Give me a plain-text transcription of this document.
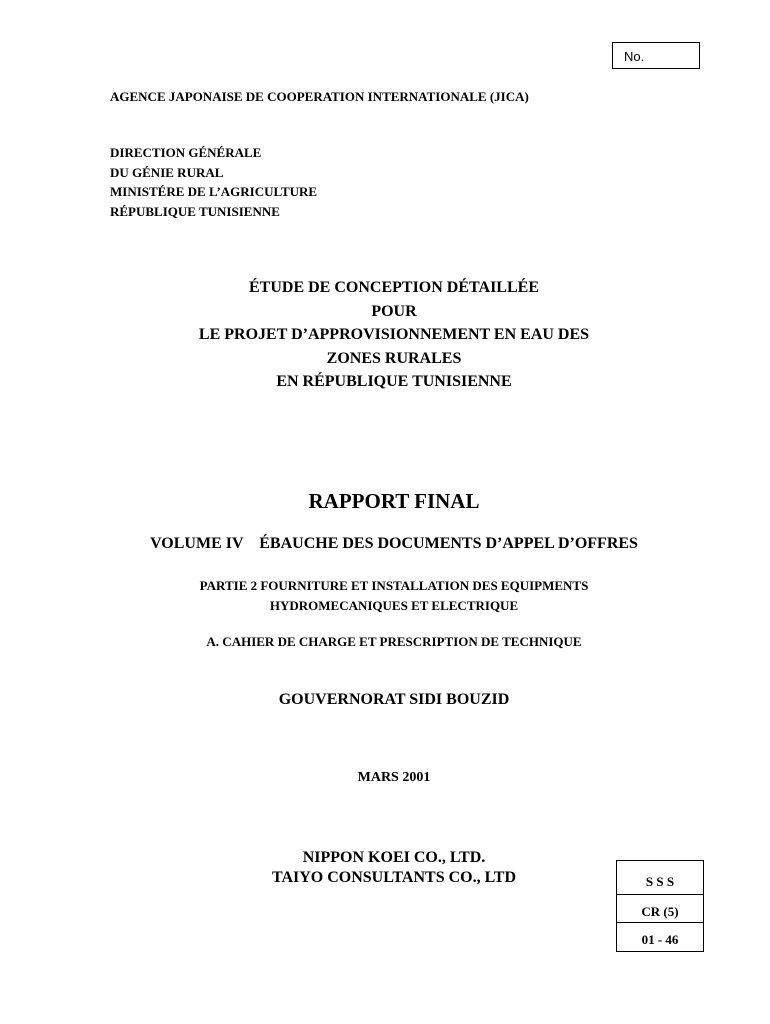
No.
AGENCE JAPONAISE DE COOPERATION INTERNATIONALE (JICA)
DIRECTION GÉNÉRALE
DU GÉNIE RURAL
MINISTÉRE DE L’AGRICULTURE
RÉPUBLIQUE TUNISIENNE
ÉTUDE DE CONCEPTION DÉTAILLÉE
POUR
LE PROJET D’APPROVISIONNEMENT EN EAU DES
ZONES RURALES
EN RÉPUBLIQUE TUNISIENNE
RAPPORT FINAL
VOLUME IV    ÉBAUCHE DES DOCUMENTS D’APPEL D’OFFRES
PARTIE 2 FOURNITURE ET INSTALLATION DES EQUIPMENTS
HYDROMECANIQUES ET ELECTRIQUE
A. CAHIER DE CHARGE ET PRESCRIPTION DE TECHNIQUE
GOUVERNORAT SIDI BOUZID
MARS 2001
NIPPON KOEI CO., LTD.
TAIYO CONSULTANTS CO., LTD	S S S
CR (5)
01 - 46
